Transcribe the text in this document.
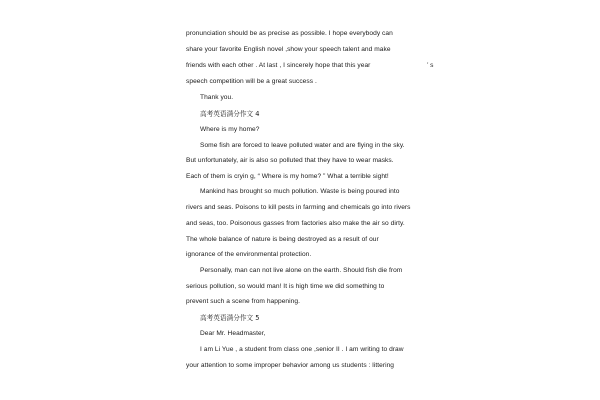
pronunciation should be as precise as possible. I hope everybody can
share your favorite English novel ,show your speech talent and make
friends with each other . At last , I sincerely hope that this year	’ s
speech competition will be a great success .
Thank you.
高考英语满分作文 4
Where is my home?
Some fish are forced to leave polluted water and are flying in the sky.
But unfortunately, air is also so polluted that they have to wear masks.
Each of them is cryin g, “ Where is my home? ” What a terrible sight!
Mankind has brought so much pollution. Waste is being poured into
rivers and seas. Poisons to kill pests in farming and chemicals go into rivers
and seas, too. Poisonous gasses from factories also make the air so dirty.
The whole balance of nature is being destroyed as a result of our
ignorance of the environmental protection.
Personally, man can not live alone on the earth. Should fish die from
serious pollution, so would man! It is high time we did something to
prevent such a scene from happening.
高考英语满分作文 5
Dear Mr. Headmaster,
I am Li Yue , a student from class one ,senior II . I am writing to draw
your attention to some improper behavior among us students : littering
